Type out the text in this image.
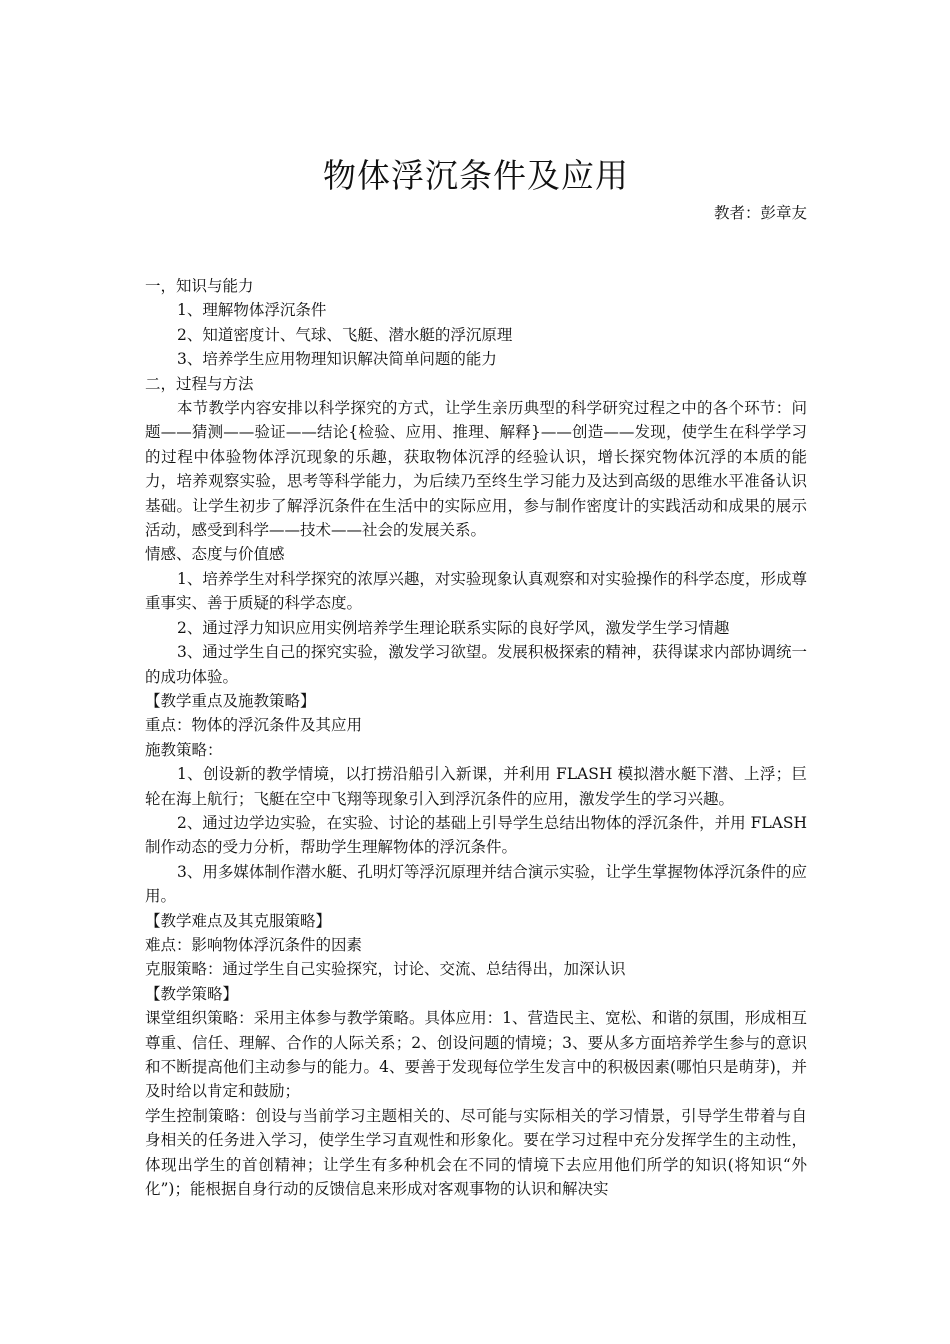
物体浮沉条件及应用
教者：彭章友

一，知识与能力

1、理解物体浮沉条件

2、知道密度计、气球、飞艇、潜水艇的浮沉原理

3、培养学生应用物理知识解决简单问题的能力

二，过程与方法

本节教学内容安排以科学探究的方式，让学生亲历典型的科学研究过程之中的各个环节：问题——猜测——验证——结论{检验、应用、推理、解释}——创造——发现，使学生在科学学习的过程中体验物体浮沉现象的乐趣，获取物体沉浮的经验认识，增长探究物体沉浮的本质的能力，培养观察实验，思考等科学能力，为后续乃至终生学习能力及达到高级的思维水平准备认识基础。让学生初步了解浮沉条件在生活中的实际应用，参与制作密度计的实践活动和成果的展示活动，感受到科学——技术——社会的发展关系。

情感、态度与价值感

1、培养学生对科学探究的浓厚兴趣，对实验现象认真观察和对实验操作的科学态度，形成尊重事实、善于质疑的科学态度。

2、通过浮力知识应用实例培养学生理论联系实际的良好学风，激发学生学习情趣

3、通过学生自己的探究实验，激发学习欲望。发展积极探索的精神，获得谋求内部协调统一的成功体验。

【教学重点及施教策略】

重点：物体的浮沉条件及其应用

施教策略：

1、创设新的教学情境，以打捞沿船引入新课，并利用 FLASH 模拟潜水艇下潜、上浮；巨轮在海上航行；飞艇在空中飞翔等现象引入到浮沉条件的应用，激发学生的学习兴趣。

2、通过边学边实验，在实验、讨论的基础上引导学生总结出物体的浮沉条件，并用 FLASH 制作动态的受力分析，帮助学生理解物体的浮沉条件。

3、用多媒体制作潜水艇、孔明灯等浮沉原理并结合演示实验，让学生掌握物体浮沉条件的应用。

【教学难点及其克服策略】

难点：影响物体浮沉条件的因素

克服策略：通过学生自己实验探究，讨论、交流、总结得出，加深认识

【教学策略】

课堂组织策略：采用主体参与教学策略。具体应用：1、营造民主、宽松、和谐的氛围，形成相互尊重、信任、理解、合作的人际关系；2、创设问题的情境；3、要从多方面培养学生参与的意识和不断提高他们主动参与的能力。4、要善于发现每位学生发言中的积极因素(哪怕只是萌芽)，并及时给以肯定和鼓励；

学生控制策略：创设与当前学习主题相关的、尽可能与实际相关的学习情景，引导学生带着与自身相关的任务进入学习，使学生学习直观性和形象化。要在学习过程中充分发挥学生的主动性，体现出学生的首创精神；让学生有多种机会在不同的情境下去应用他们所学的知识(将知识“外化”)；能根据自身行动的反馈信息来形成对客观事物的认识和解决实
